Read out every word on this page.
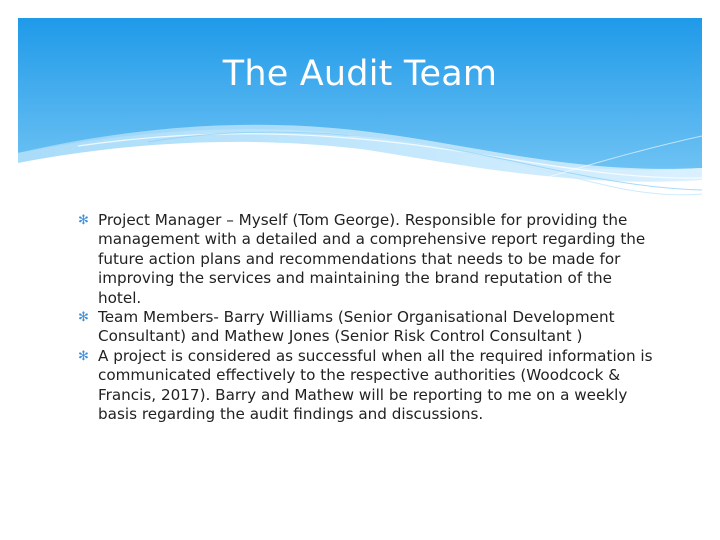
The Audit Team

✻ Project Manager – Myself (Tom George). Responsible for providing the management with a detailed and a comprehensive report regarding the future action plans and recommendations that needs to be made for improving the services and maintaining the brand reputation of the hotel.

✻ Team Members- Barry Williams (Senior Organisational Development Consultant) and Mathew Jones (Senior Risk Control Consultant )

✻ A project is considered as successful when all the required information is communicated effectively to the respective authorities (Woodcock & Francis, 2017). Barry and Mathew will be reporting to me on a weekly basis regarding the audit findings and discussions.
